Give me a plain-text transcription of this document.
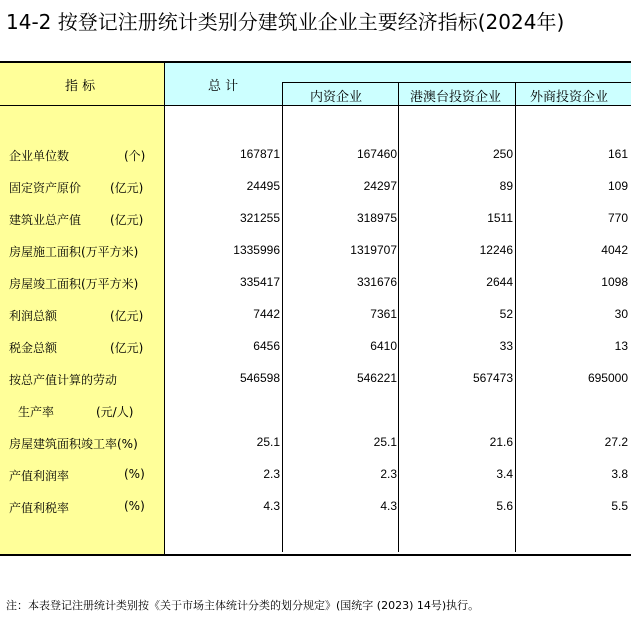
14-2 按登记注册统计类别分建筑业企业主要经济指标(2024年)
指 标	总 计
内资企业	港澳台投资企业 外商投资企业
企业单位数	(个)	167871	167460	250	161
固定资产原价 (亿元)	24495	24297	89	109
建筑业总产值 (亿元)	321255	318975	1511	770
房屋施工面积(万平方米)	1335996	1319707	12246	4042
房屋竣工面积(万平方米)	335417	331676	2644	1098
利润总额	(亿元)	7442	7361	52	30
税金总额	(亿元)	6456	6410	33	13
按总产值计算的劳动	546598	546221	567473	695000
生产率	(元/人)
房屋建筑面积竣工率(%)	25.1	25.1	21.6	27.2
产值利润率	(%)	2.3	2.3	3.4	3.8
产值利税率	(%)	4.3	4.3	5.6	5.5
注：本表登记注册统计类别按《关于市场主体统计分类的划分规定》(国统字 (2023) 14号)执行。
